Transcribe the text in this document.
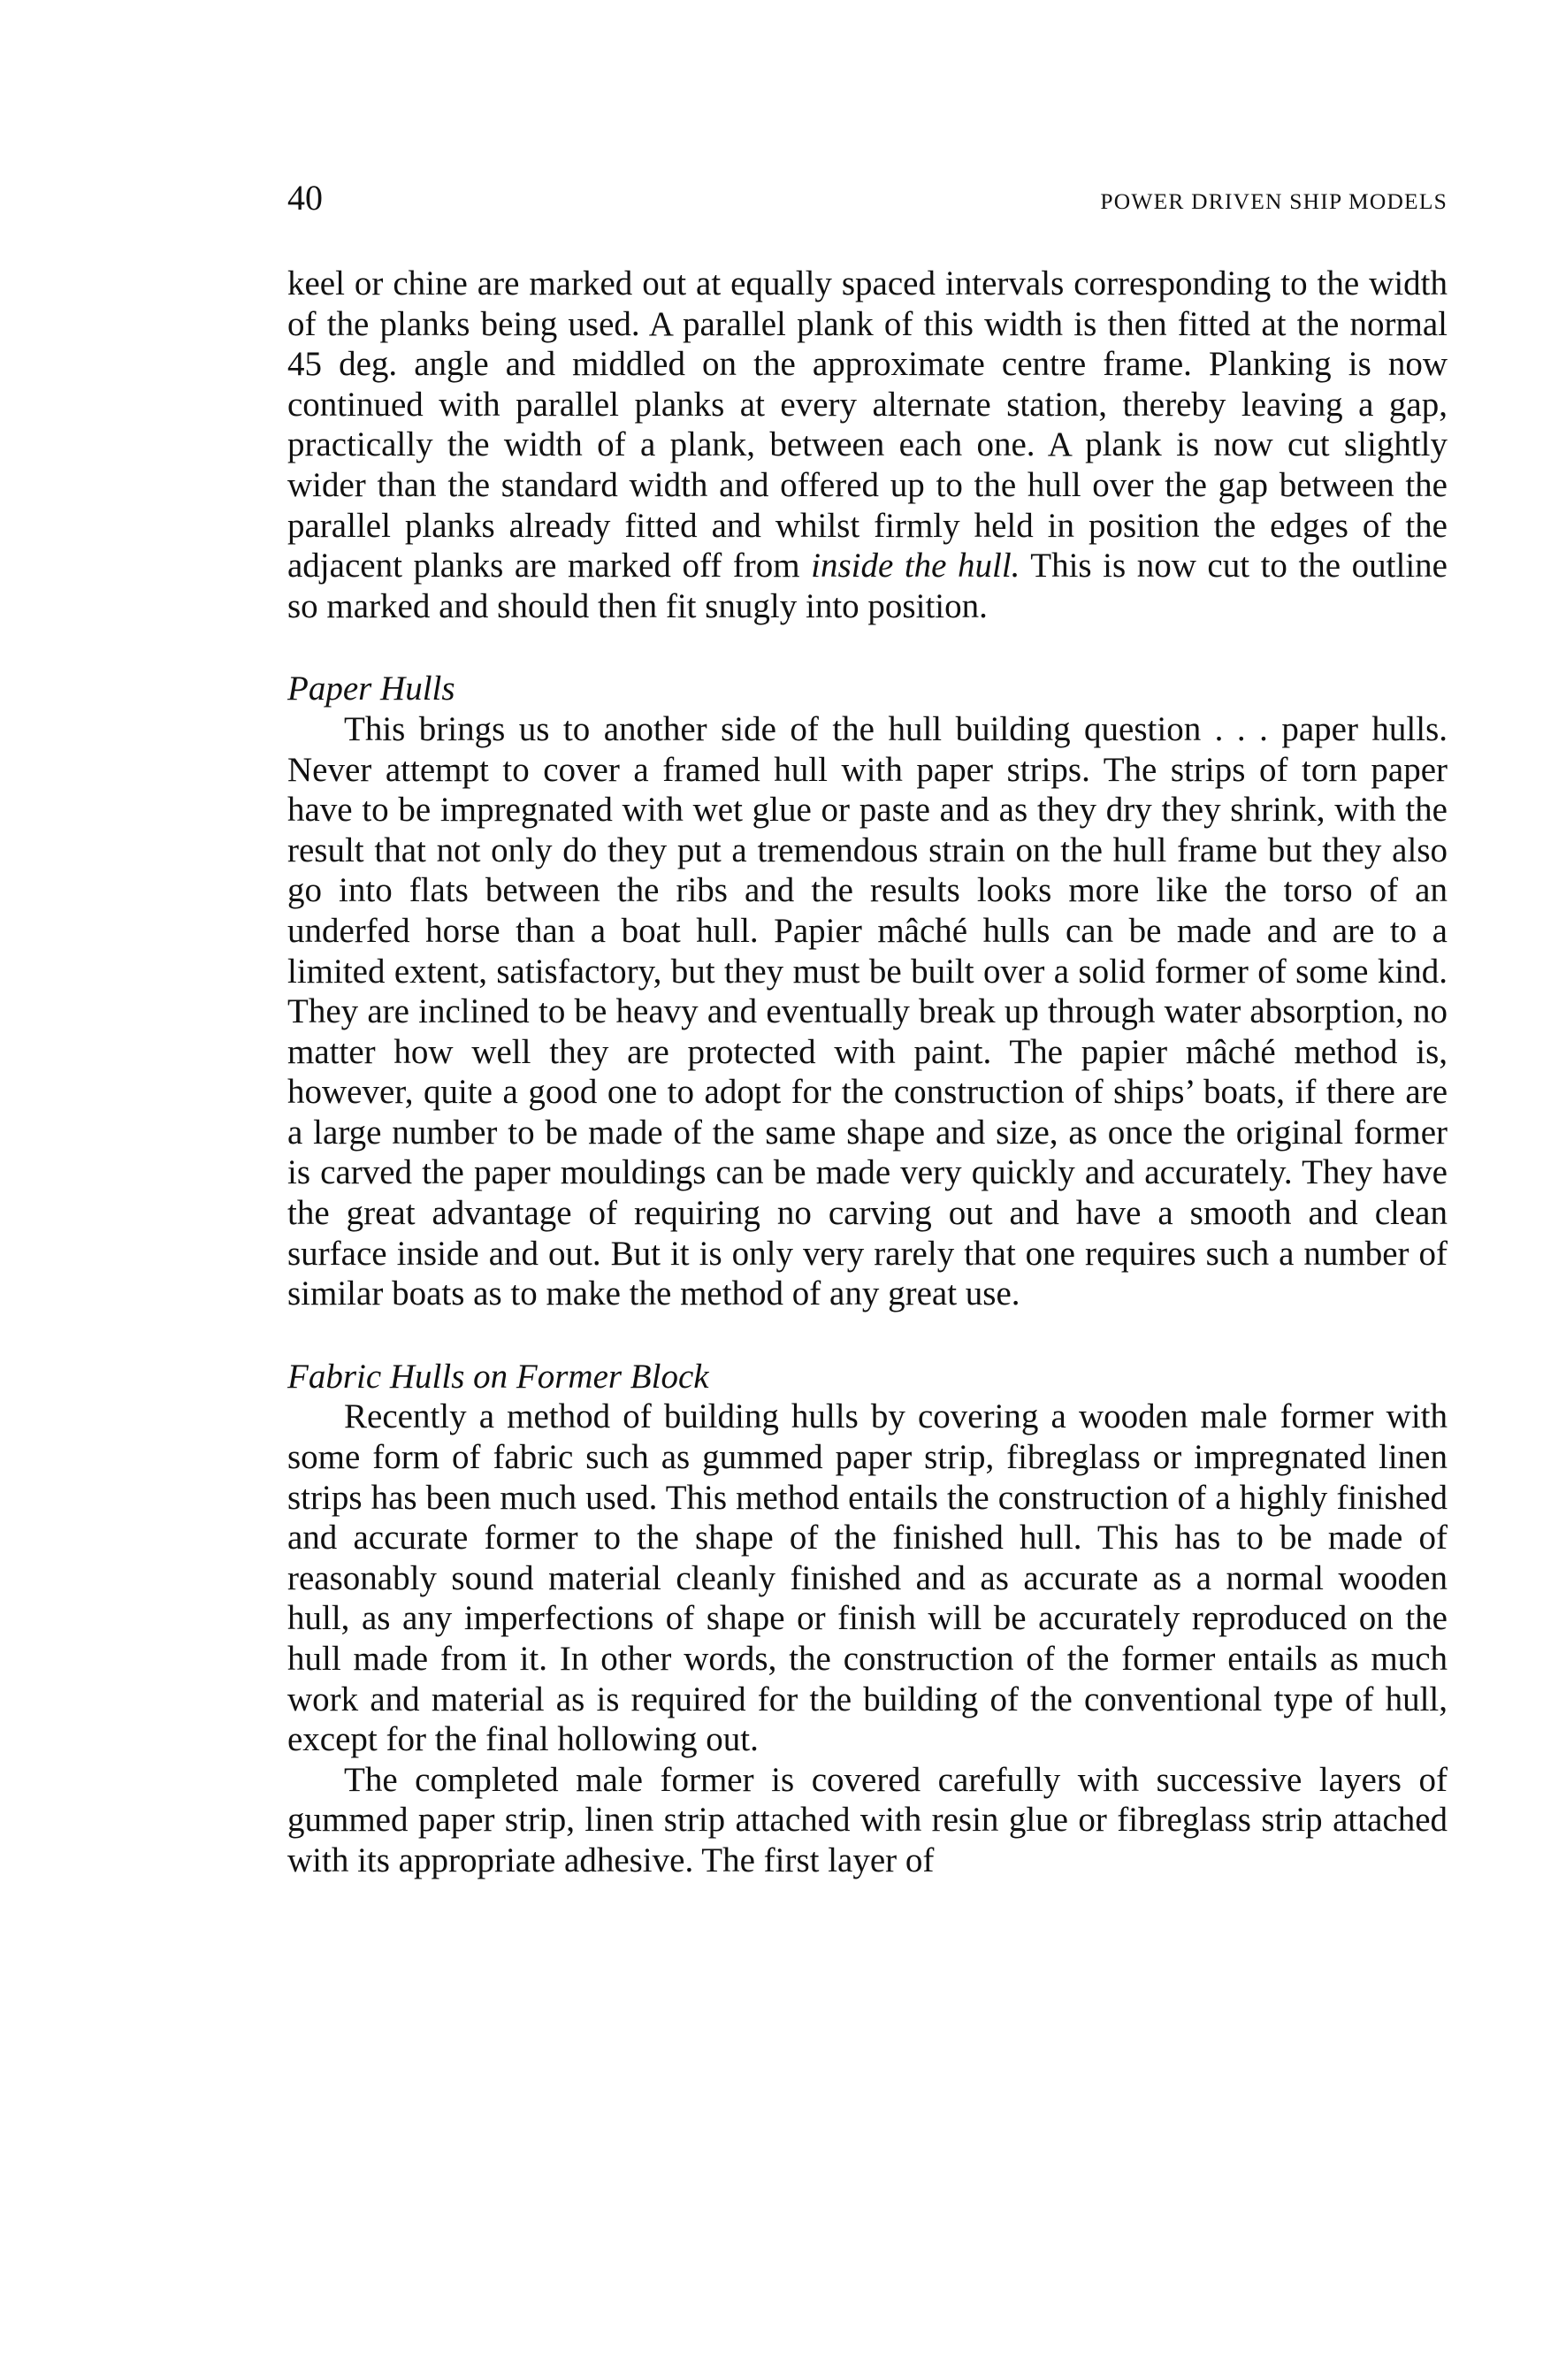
40	POWER DRIVEN SHIP MODELS

keel or chine are marked out at equally spaced intervals corresponding to the width of the planks being used. A parallel plank of this width is then fitted at the normal 45 deg. angle and middled on the approximate centre frame. Planking is now continued with parallel planks at every alternate station, thereby leaving a gap, practically the width of a plank, between each one. A plank is now cut slightly wider than the standard width and offered up to the hull over the gap between the parallel planks already fitted and whilst firmly held in position the edges of the adjacent planks are marked off from inside the hull. This is now cut to the outline so marked and should then fit snugly into position.

Paper Hulls

This brings us to another side of the hull building question . . . paper hulls. Never attempt to cover a framed hull with paper strips. The strips of torn paper have to be impregnated with wet glue or paste and as they dry they shrink, with the result that not only do they put a tremendous strain on the hull frame but they also go into flats between the ribs and the results looks more like the torso of an underfed horse than a boat hull. Papier mâché hulls can be made and are to a limited extent, satisfactory, but they must be built over a solid former of some kind. They are inclined to be heavy and eventually break up through water absorption, no matter how well they are protected with paint. The papier mâché method is, however, quite a good one to adopt for the construction of ships’ boats, if there are a large number to be made of the same shape and size, as once the original former is carved the paper mouldings can be made very quickly and accurately. They have the great advantage of requiring no carving out and have a smooth and clean surface inside and out. But it is only very rarely that one requires such a number of similar boats as to make the method of any great use.

Fabric Hulls on Former Block

Recently a method of building hulls by covering a wooden male former with some form of fabric such as gummed paper strip, fibreglass or impregnated linen strips has been much used. This method entails the construction of a highly finished and accurate former to the shape of the finished hull. This has to be made of reasonably sound material cleanly finished and as accurate as a normal wooden hull, as any imperfections of shape or finish will be accurately reproduced on the hull made from it. In other words, the construction of the former entails as much work and material as is required for the building of the conventional type of hull, except for the final hollowing out.

The completed male former is covered carefully with successive layers of gummed paper strip, linen strip attached with resin glue or fibreglass strip attached with its appropriate adhesive. The first layer of
